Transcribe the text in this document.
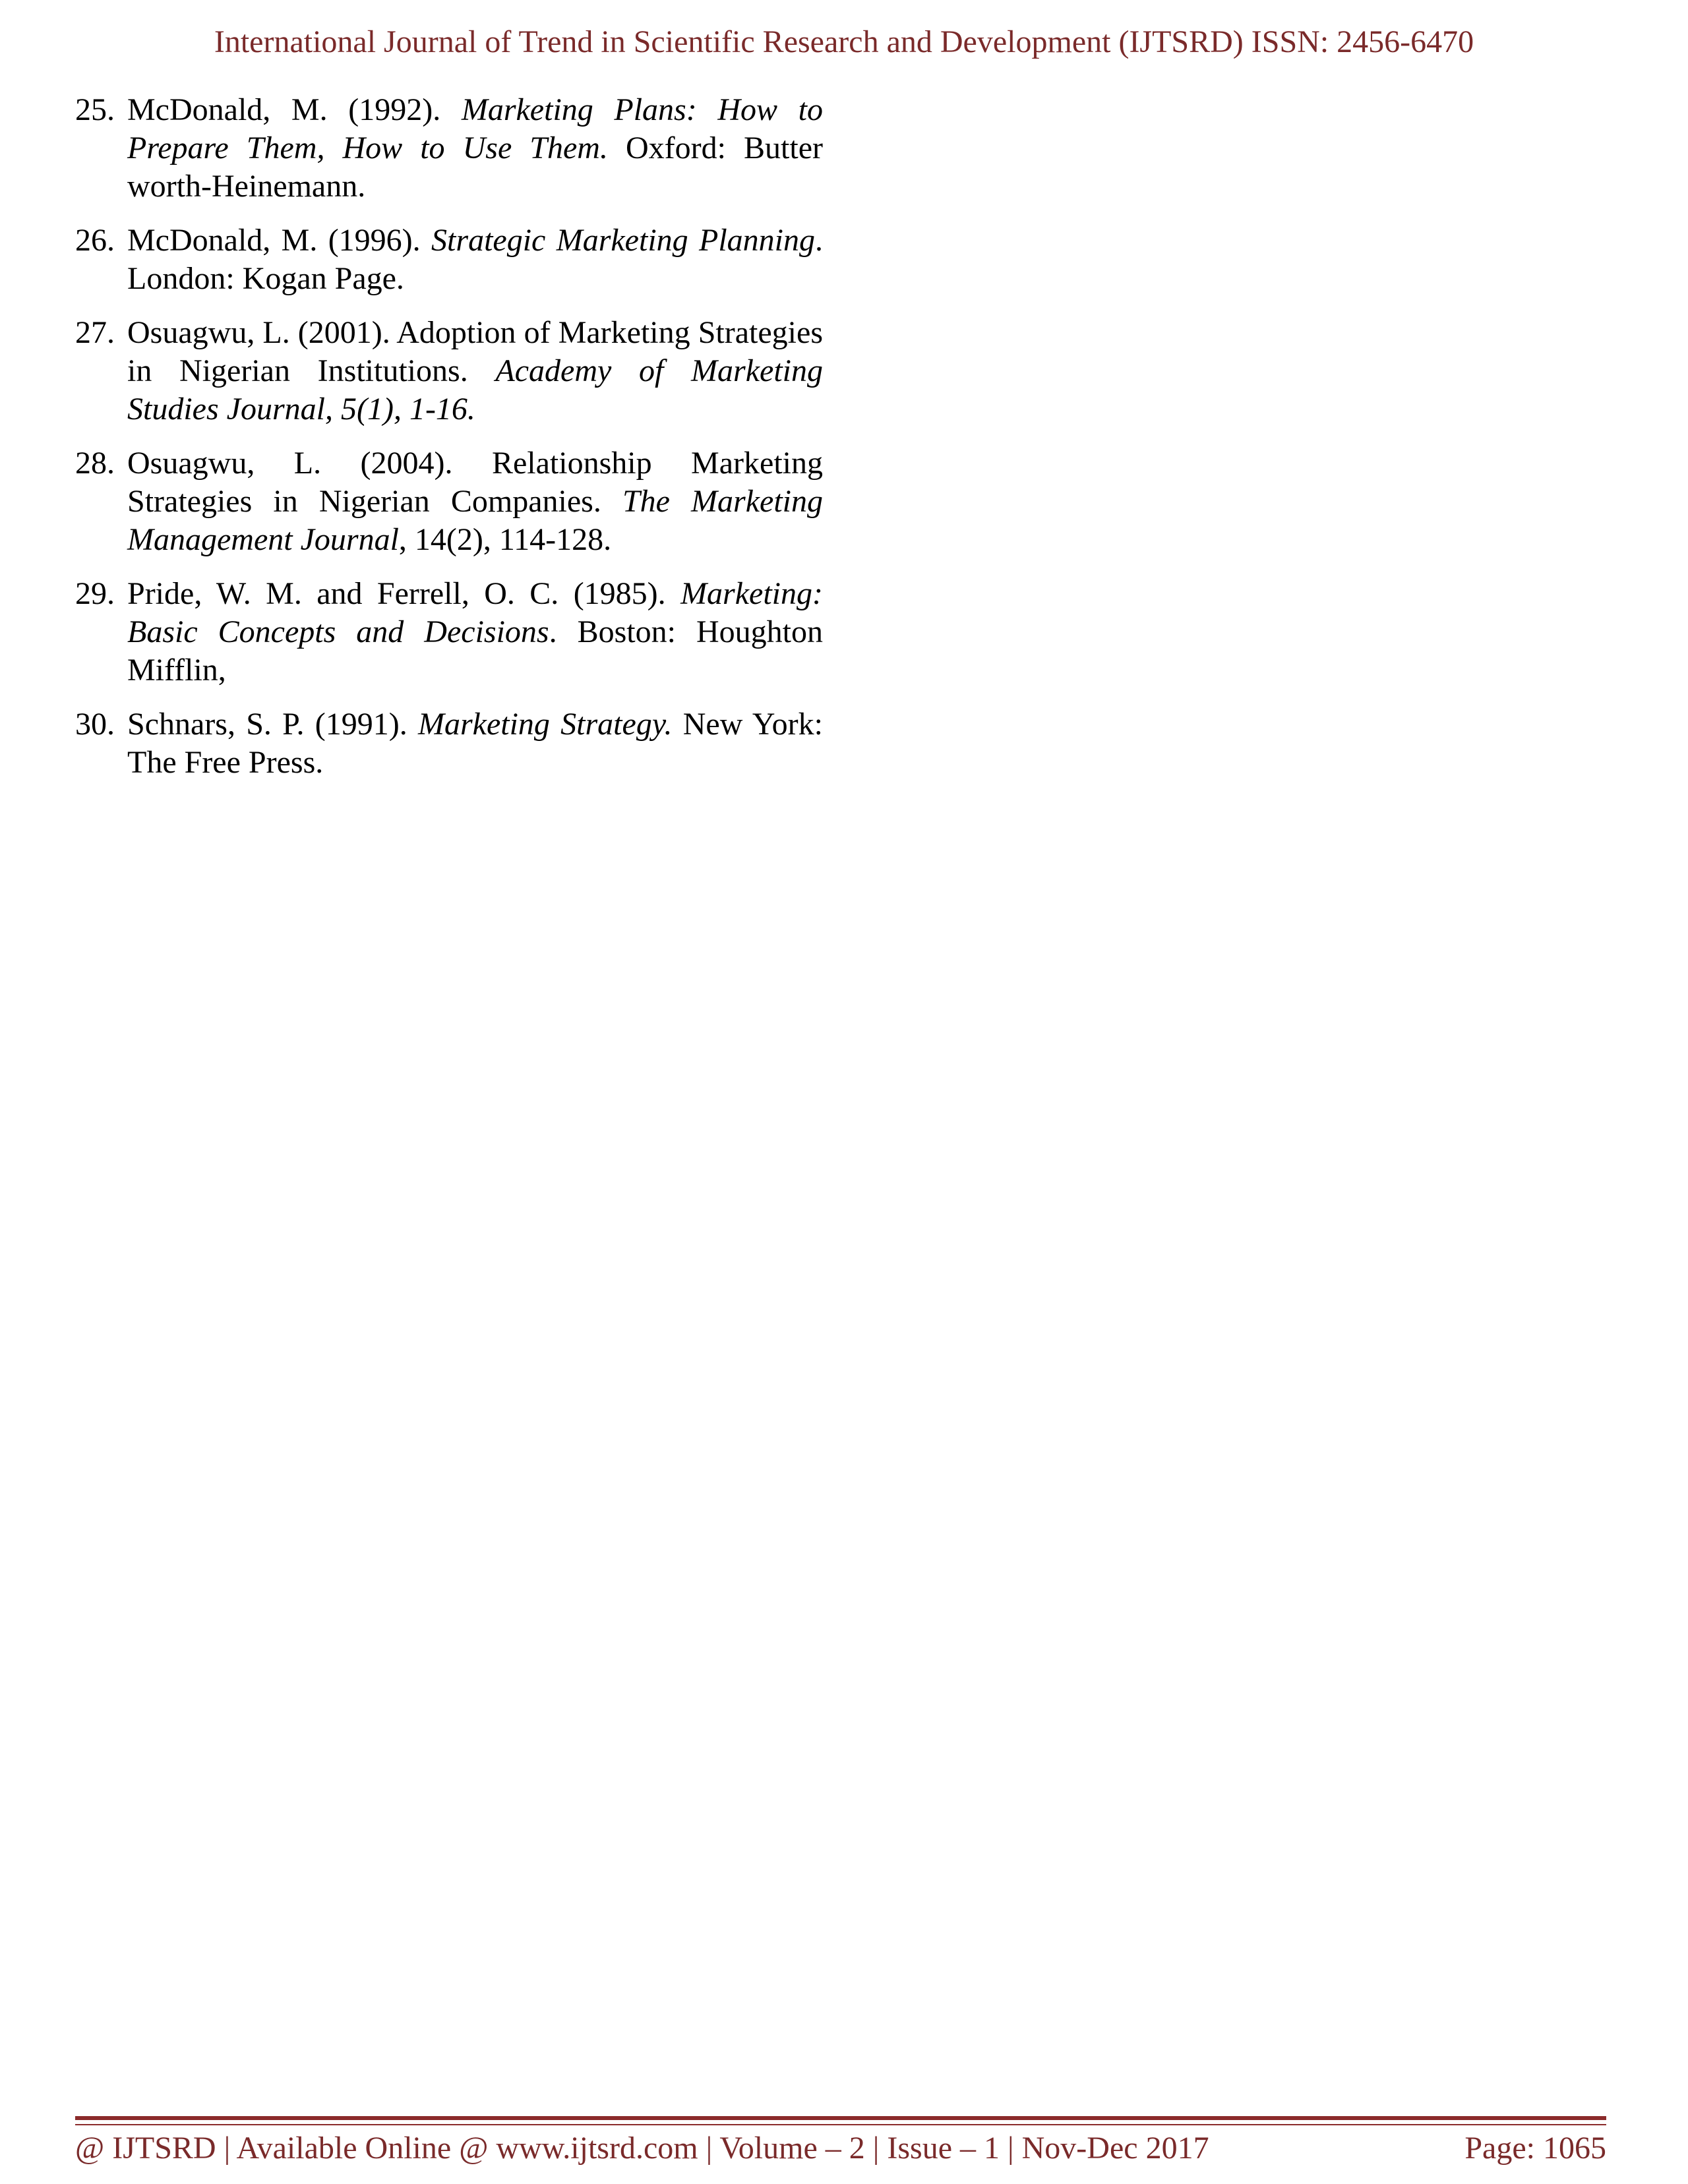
International Journal of Trend in Scientific Research and Development (IJTSRD) ISSN: 2456-6470
25. McDonald, M. (1992). Marketing Plans: How to Prepare Them, How to Use Them. Oxford: Butter worth-Heinemann.
26. McDonald, M. (1996). Strategic Marketing Planning. London: Kogan Page.
27. Osuagwu, L. (2001). Adoption of Marketing Strategies in Nigerian Institutions. Academy of Marketing Studies Journal, 5(1), 1-16.
28. Osuagwu, L. (2004). Relationship Marketing Strategies in Nigerian Companies. The Marketing Management Journal, 14(2), 114-128.
29. Pride, W. M. and Ferrell, O. C. (1985). Marketing: Basic Concepts and Decisions. Boston: Houghton Mifflin,
30. Schnars, S. P. (1991). Marketing Strategy. New York: The Free Press.
@ IJTSRD | Available Online @ www.ijtsrd.com | Volume – 2 | Issue – 1 | Nov-Dec 2017	Page: 1065
